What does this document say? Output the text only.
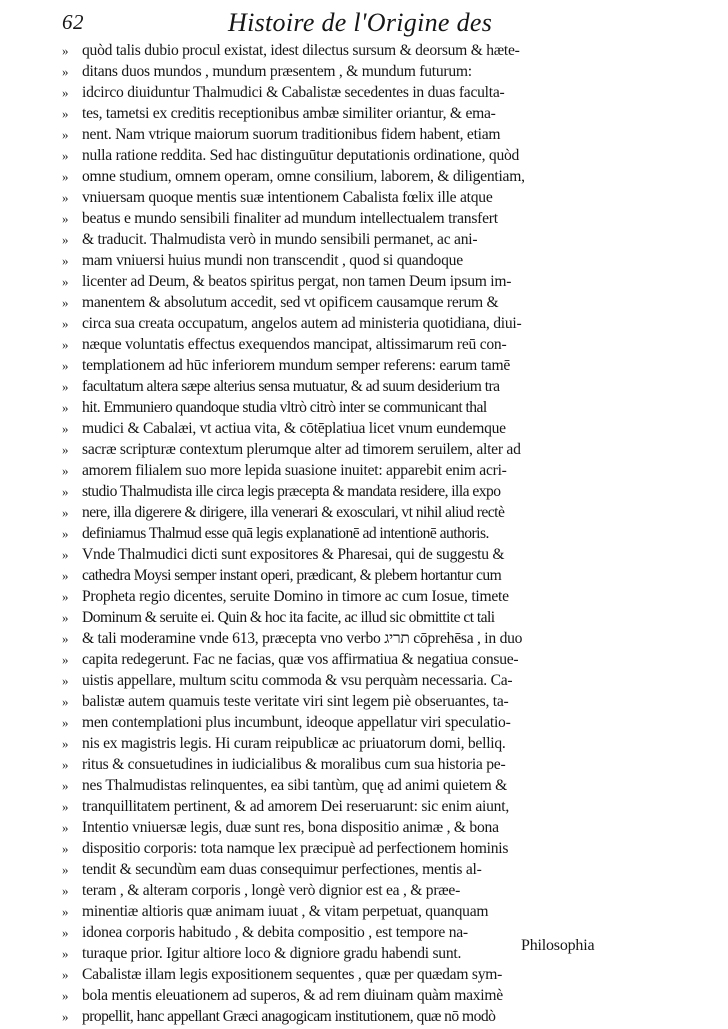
62	Histoire de l'Origine des
» quòd talis dubio procul existat, idest dilectus sursum & deorsum & hæte-
» ditans duos mundos , mundum præsentem , & mundum futurum:
» idcirco diuiduntur Thalmudici & Cabalistæ secedentes in duas faculta-
» tes, tametsi ex creditis receptionibus ambæ similiter oriantur, & ema-
» nent. Nam vtrique maiorum suorum traditionibus fidem habent, etiam
» nulla ratione reddita. Sed hac distinguūtur deputationis ordinatione, quòd
» omne studium, omnem operam, omne consilium, laborem, & diligentiam,
» vniuersam quoque mentis suæ intentionem Cabalista fœlix ille atque
» beatus e mundo sensibili finaliter ad mundum intellectualem transfert
» & traducit. Thalmudista verò in mundo sensibili permanet, ac ani-
» mam vniuersi huius mundi non transcendit , quod si quandoque
» licenter ad Deum, & beatos spiritus pergat, non tamen Deum ipsum im-
» manentem & absolutum accedit, sed vt opificem causamque rerum &
» circa sua creata occupatum, angelos autem ad ministeria quotidiana, diui-
» næque voluntatis effectus exequendos mancipat, altissimarum reū con-
» templationem ad hūc inferiorem mundum semper referens: earum tamē
» facultatum altera sæpe alterius sensa mutuatur, & ad suum desiderium tra
» hit. Emmuniero quandoque studia vltrò citrò inter se communicant thal
» mudici & Cabalæi, vt actiua vita, & cōtēplatiua licet vnum eundemque
» sacræ scripturæ contextum plerumque alter ad timorem seruilem, alter ad
» amorem filialem suo more lepida suasione inuitet: apparebit enim acri-
» studio Thalmudista ille circa legis præcepta & mandata residere, illa expo
» nere, illa digerere & dirigere, illa venerari & exosculari, vt nihil aliud rectè
» definiamus Thalmud esse quā legis explanationē ad intentionē authoris.
» Vnde Thalmudici dicti sunt expositores & Pharesai, qui de suggestu &
» cathedra Moysi semper instant operi, prædicant, & plebem hortantur cum
» Propheta regio dicentes, seruite Domino in timore ac cum Iosue, timete
» Dominum & seruite ei. Quin & hoc ita facite, ac illud sic obmittite ct tali
» & tali moderamine vnde 613, præcepta vno verbo תריג cōprehēsa , in duo
» capita redegerunt. Fac ne facias, quæ vos affirmatiua & negatiua consue-
» uistis appellare, multum scitu commoda & vsu perquàm necessaria. Ca-
» balistæ autem quamuis teste veritate viri sint legem piè obseruantes, ta-
» men contemplationi plus incumbunt, ideoque appellatur viri speculatio-
» nis ex magistris legis. Hi curam reipublicæ ac priuatorum domi, belliq.
» ritus & consuetudines in iudicialibus & moralibus cum sua historia pe-
» nes Thalmudistas relinquentes, ea sibi tantùm, quę ad animi quietem &
» tranquillitatem pertinent, & ad amorem Dei reseruarunt: sic enim aiunt,
» Intentio vniuersæ legis, duæ sunt res, bona dispositio animæ , & bona
» dispositio corporis: tota namque lex præcipuè ad perfectionem hominis
» tendit & secundùm eam duas consequimur perfectiones, mentis al-
» teram , & alteram corporis , longè verò dignior est ea , & præe-
» minentiæ altioris quæ animam iuuat , & vitam perpetuat, quanquam
» idonea corporis habitudo , & debita compositio , est tempore na-
» turaque prior. Igitur altiore loco & digniore gradu habendi sunt.
» Cabalistæ illam legis expositionem sequentes , quæ per quædam sym-
» bola mentis eleuationem ad superos, & ad rem diuinam quàm maximè
» propellit, hanc appellant Græci anagogicam institutionem, quæ nō modò
Philosophia
